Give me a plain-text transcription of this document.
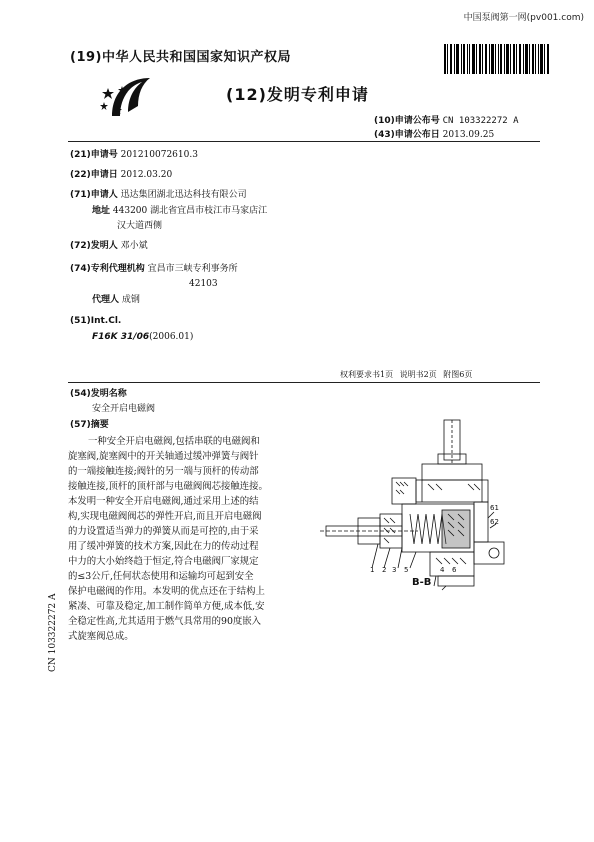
中国泵阀第一网(pv001.com)
(19)中华人民共和国国家知识产权局
(12)发明专利申请
(10)申请公布号 CN 103322272 A
(43)申请公布日 2013.09.25
(21)申请号 201210072610.3
(22)申请日 2012.03.20
(71)申请人 迅达集团湖北迅达科技有限公司
地址 443200 湖北省宜昌市枝江市马家店江
汉大道西侧
(72)发明人 邓小斌
(74)专利代理机构 宜昌市三峡专利事务所
42103
代理人 成钢
(51)Int.Cl.
F16K 31/06(2006.01)
权利要求书1页 说明书2页 附图6页
(54)发明名称
安全开启电磁阀
(57)摘要
一种安全开启电磁阀,包括串联的电磁阀和
旋塞阀,旋塞阀中的开关轴通过缓冲弹簧与阀针
的一端接触连接;阀针的另一端与顶杆的传动部
接触连接,顶杆的顶杆部与电磁阀阀芯接触连接。
本发明一种安全开启电磁阀,通过采用上述的结
构,实现电磁阀阀芯的弹性开启,而且开启电磁阀
的力设置适当弹力的弹簧从而是可控的,由于采
用了缓冲弹簧的技术方案,因此在力的传动过程
中力的大小始终趋于恒定,符合电磁阀厂家规定
的≤3公斤,任何状态使用和运输均可起到安全
保护电磁阀的作用。本发明的优点还在于结构上
紧凑、可靠及稳定,加工制作简单方便,成本低,安
全稳定性高,尤其适用于燃气具常用的90度嵌入
式旋塞阀总成。
61
62
1 2 3 5	4 6
B-B
CN 103322272 A
